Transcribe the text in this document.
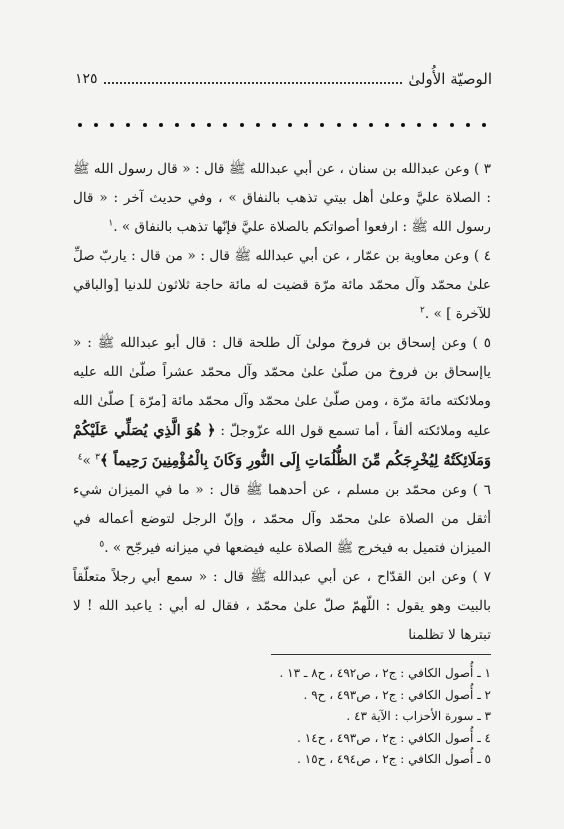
الوصيّة الأُولىٰ
١٢٥

٣ ) وعن عبدالله بن سنان ، عن أبي عبدالله ﷺ قال : « قال رسول الله ﷺ : الصلاة عليَّ وعلىٰ أهل بيتي تذهب بالنفاق » ، وفي حديث آخر : « قال رسول الله ﷺ : ارفعوا أصواتكم بالصلاة عليَّ فإنّها تذهب بالنفاق » .$^١$

٤ ) وعن معاوية بن عمّار ، عن أبي عبدالله ﷺ قال : « من قال : ياربّ صلِّ علىٰ محمّد وآل محمّد مائة مرّة قضيت له مائة حاجة ثلاثون للدنيا [والباقي للآخرة ] » .$^٢$

٥ ) وعن إسحاق بن فروخ مولىٰ آل طلحة قال : قال أبو عبدالله ﷺ : « ياإسحاق بن فروخ من صلّىٰ علىٰ محمّد وآل محمّد عشراً صلّىٰ الله عليه وملائكته مائة مرّة ، ومن صلّىٰ علىٰ محمّد وآل محمّد مائة [مرّة ] صلّىٰ الله عليه وملائكته ألفاً ، أما تسمع قول الله عزّوجلّ : ﴿ هُوَ الَّذِي يُصَلِّي عَلَيْكُمْ وَمَلَائِكَتُهُ لِيُخْرِجَكُم مِّنَ الظُّلُمَاتِ إِلَى النُّورِ وَكَانَ بِالْمُؤْمِنِينَ رَحِيماً ﴾$^٣$ »$^٤$

٦ ) وعن محمّد بن مسلم ، عن أحدهما ﷺ قال : « ما في الميزان شيء أثقل من الصلاة علىٰ محمّد وآل محمّد ، وإنّ الرجل لتوضع أعماله في الميزان فتميل به فيخرج ﷺ الصلاة عليه فيضعها في ميزانه فيرجّح » .$^٥$

٧ ) وعن ابن القدّاح ، عن أبي عبدالله ﷺ قال : « سمع أبي رجلاً متعلّقاً بالبيت وهو يقول : اللّهمّ صلّ علىٰ محمّد ، فقال له أبي : ياعبد الله ! لا تبترها لا تظلمنا

١ ـ أُصول الكافي : ج٢ ، ص٤٩٢ ، ح٨ ـ ١٣ .
٢ ـ أُصول الكافي : ج٢ ، ص٤٩٣ ، ح٩ .
٣ ـ سورة الأحزاب : الآية ٤٣ .
٤ ـ أُصول الكافي : ج٢ ، ص٤٩٣ ، ح١٤ .
٥ ـ أُصول الكافي : ج٢ ، ص٤٩٤ ، ح١٥ .
